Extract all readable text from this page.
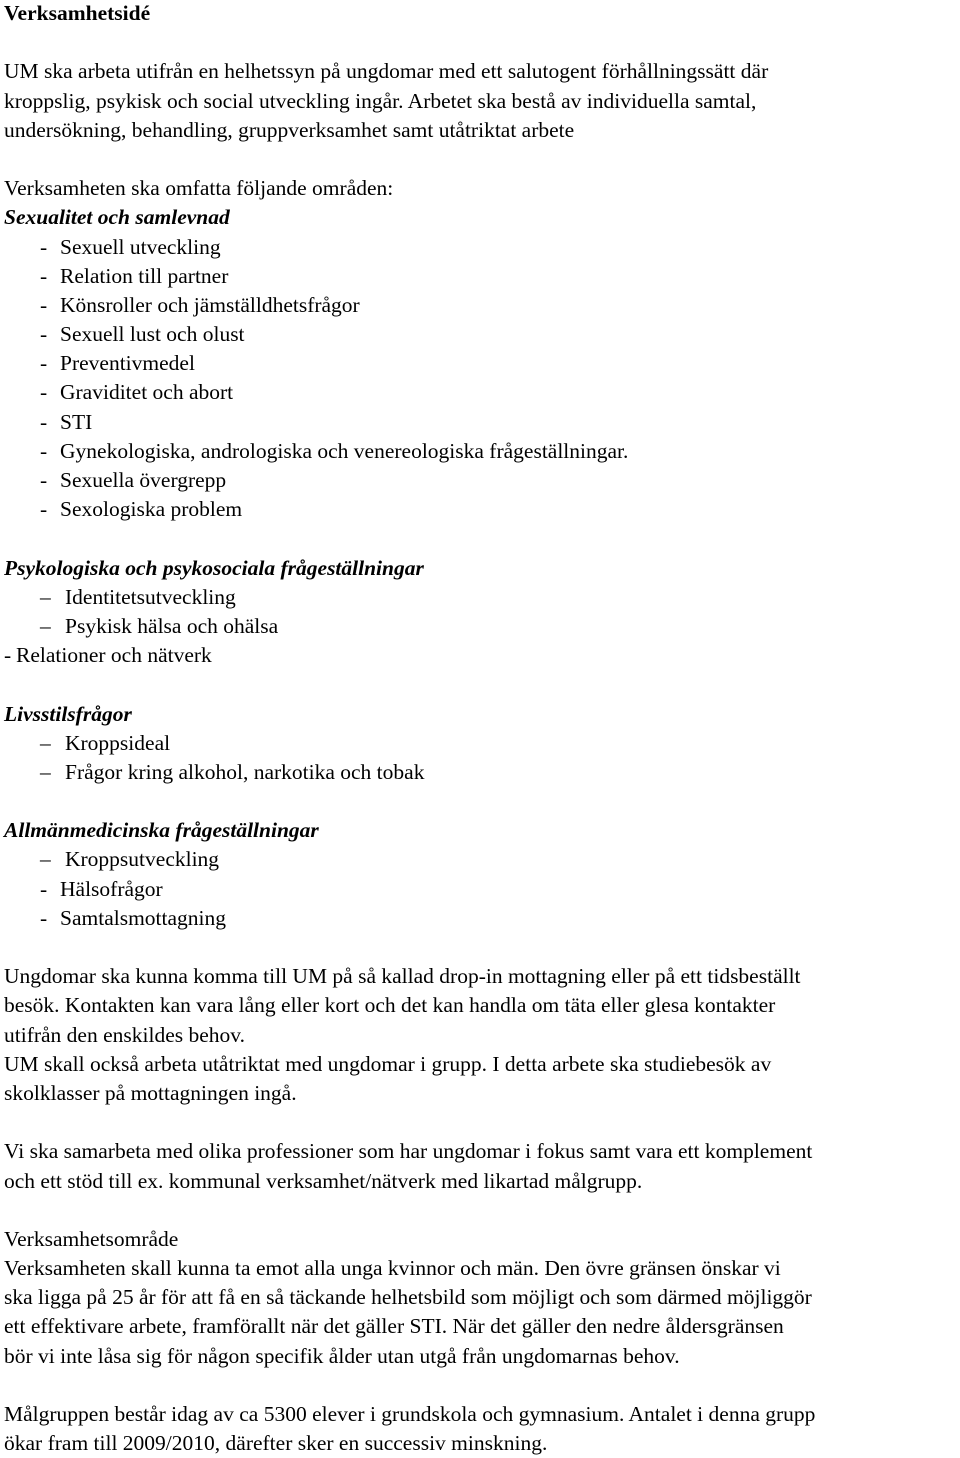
Verksamhetsidé
UM ska arbeta utifrån en helhetssyn på ungdomar med ett salutogent förhållningssätt där
kroppslig, psykisk och social utveckling ingår. Arbetet ska bestå av individuella samtal,
undersökning, behandling, gruppverksamhet samt utåtriktat arbete
Verksamheten ska omfatta följande områden:
Sexualitet och samlevnad
- Sexuell utveckling
- Relation till partner
- Könsroller och jämställdhetsfrågor
- Sexuell lust och olust
- Preventivmedel
- Graviditet och abort
- STI
- Gynekologiska, andrologiska och venereologiska frågeställningar.
- Sexuella övergrepp
- Sexologiska problem
Psykologiska och psykosociala frågeställningar
– Identitetsutveckling
– Psykisk hälsa och ohälsa
- Relationer och nätverk
Livsstilsfrågor
– Kroppsideal
– Frågor kring alkohol, narkotika och tobak
Allmänmedicinska frågeställningar
– Kroppsutveckling
- Hälsofrågor
- Samtalsmottagning
Ungdomar ska kunna komma till UM på så kallad drop-in mottagning eller på ett tidsbeställt
besök. Kontakten kan vara lång eller kort och det kan handla om täta eller glesa kontakter
utifrån den enskildes behov.
UM skall också arbeta utåtriktat med ungdomar i grupp. I detta arbete ska studiebesök av
skolklasser på mottagningen ingå.
Vi ska samarbeta med olika professioner som har ungdomar i fokus samt vara ett komplement
och ett stöd till ex. kommunal verksamhet/nätverk med likartad målgrupp.
Verksamhetsområde
Verksamheten skall kunna ta emot alla unga kvinnor och män. Den övre gränsen önskar vi
ska ligga på 25 år för att få en så täckande helhetsbild som möjligt och som därmed möjliggör
ett effektivare arbete, framförallt när det gäller STI. När det gäller den nedre åldersgränsen
bör vi inte låsa sig för någon specifik ålder utan utgå från ungdomarnas behov.
Målgruppen består idag av ca 5300 elever i grundskola och gymnasium. Antalet i denna grupp
ökar fram till 2009/2010, därefter sker en successiv minskning.
